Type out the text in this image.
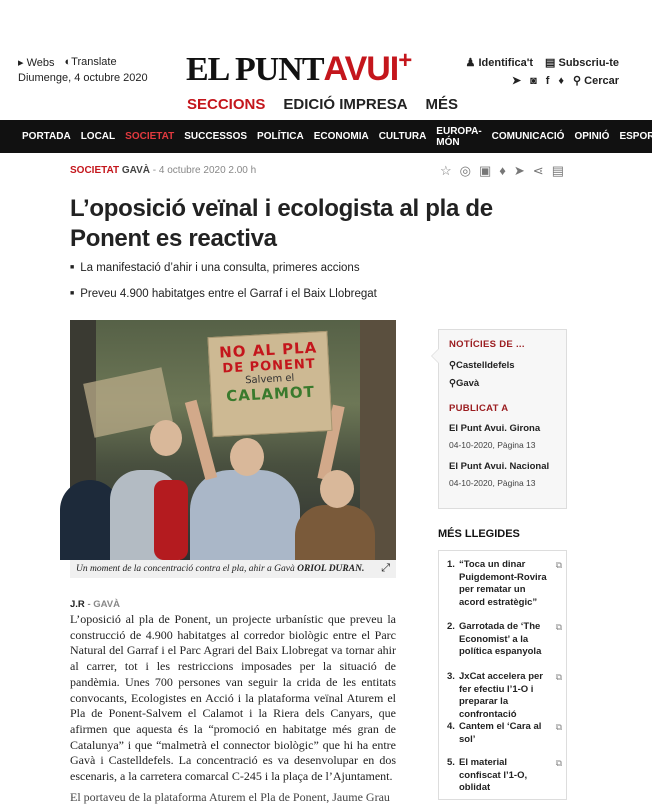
▸ Webs ◐Translate
Diumenge, 4 octubre 2020 EL PUNTAVUI+	♟ Identifica't ▤ Subscriu-te
➤ ◙ f ♦ ⚲ Cercar
SECCIONS EDICIÓ IMPRESA MÉS
PORTADA LOCAL SOCIETAT SUCCESSOS POLÍTICA ECONOMIA CULTURA EUROPA-MÓN	COMUNICACIÓ OPINIÓ ESPORTS
SOCIETAT GAVÀ - 4 octubre 2020 2.00 h	☆ ◎ ▣ ♦ ➤ ⋖ ▤
L’oposició veïnal i ecologista al pla de Ponent es reactiva
■ La manifestació d’ahir i una consulta, primeres accions
■ Preveu 4.900 habitatges entre el Garraf i el Baix Llobregat
NO AL PLA
DE PONENT
Salvem el
CALAMOT
Un moment de la concentració contra el pla, ahir a Gavà ORIOL DURAN. ⤢
J.R - GAVÀ
L’oposició al pla de Ponent, un projecte urbanístic que preveu la construcció de 4.900 habitatges al corredor biològic entre el Parc Natural del Garraf i el Parc Agrari del Baix Llobregat va tornar ahir al carrer, tot i les restriccions imposades per la situació de pandèmia. Unes 700 persones van seguir la crida de les entitats convocants, Ecologistes en Acció i la plataforma veïnal Aturem el Pla de Ponent-Salvem el Calamot i la Riera dels Canyars, que afirmen que aquesta és la “promoció en habitatge més gran de Catalunya” i que “malmetrà el connector biològic” que hi ha entre Gavà i Castelldefels. La concentració es va desenvolupar en dos escenaris, a la carretera comarcal C-245 i la plaça de l’Ajuntament.
El portaveu de la plataforma Aturem el Pla de Ponent, Jaume Grau
NOTÍCIES DE ...
⚲Castelldefels
⚲Gavà
PUBLICAT A
El Punt Avui. Girona
04-10-2020, Pàgina 13
El Punt Avui. Nacional
04-10-2020, Pàgina 13
MÉS LLEGIDES
1. “Toca un dinar Puigdemont-Rovira per rematar un acord estratègic”
⧉
2. Garrotada de ‘The Economist’ a la política espanyola
⧉
3. JxCat accelera per fer efectiu l’1-O i preparar la confrontació
⧉
4. Cantem el ‘Cara al sol’
⧉
5. El material confiscat l’1-O, oblidat
⧉
